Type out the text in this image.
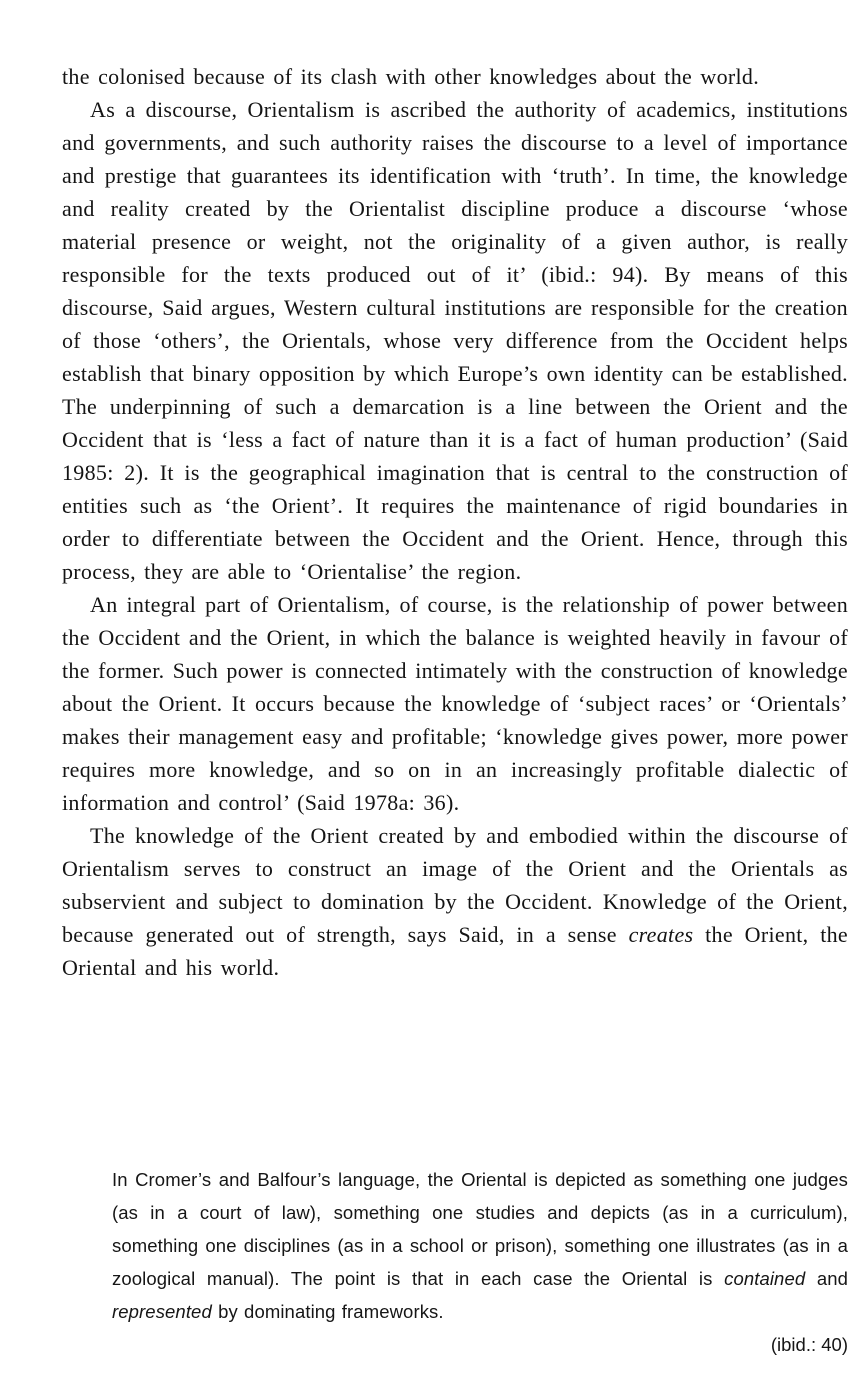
the colonised because of its clash with other knowledges about the world.

As a discourse, Orientalism is ascribed the authority of academics, institutions and governments, and such authority raises the discourse to a level of importance and prestige that guarantees its identification with ‘truth’. In time, the knowledge and reality created by the Orientalist discipline produce a discourse ‘whose material presence or weight, not the originality of a given author, is really responsible for the texts produced out of it’ (ibid.: 94). By means of this discourse, Said argues, Western cultural institutions are responsible for the creation of those ‘others’, the Orientals, whose very difference from the Occident helps establish that binary opposition by which Europe’s own identity can be established. The underpinning of such a demarcation is a line between the Orient and the Occident that is ‘less a fact of nature than it is a fact of human production’ (Said 1985: 2). It is the geographical imagination that is central to the construction of entities such as ‘the Orient’. It requires the maintenance of rigid boundaries in order to differentiate between the Occident and the Orient. Hence, through this process, they are able to ‘Orientalise’ the region.

An integral part of Orientalism, of course, is the relationship of power between the Occident and the Orient, in which the balance is weighted heavily in favour of the former. Such power is connected intimately with the construction of knowledge about the Orient. It occurs because the knowledge of ‘subject races’ or ‘Orientals’ makes their management easy and profitable; ‘knowledge gives power, more power requires more knowledge, and so on in an increasingly profitable dialectic of information and control’ (Said 1978a: 36).

The knowledge of the Orient created by and embodied within the discourse of Orientalism serves to construct an image of the Orient and the Orientals as subservient and subject to domination by the Occident. Knowledge of the Orient, because generated out of strength, says Said, in a sense creates the Orient, the Oriental and his world.

In Cromer’s and Balfour’s language, the Oriental is depicted as something one judges (as in a court of law), something one studies and depicts (as in a curriculum), something one disciplines (as in a school or prison), something one illustrates (as in a zoological manual). The point is that in each case the Oriental is contained and represented by dominating frameworks.
(ibid.: 40)
